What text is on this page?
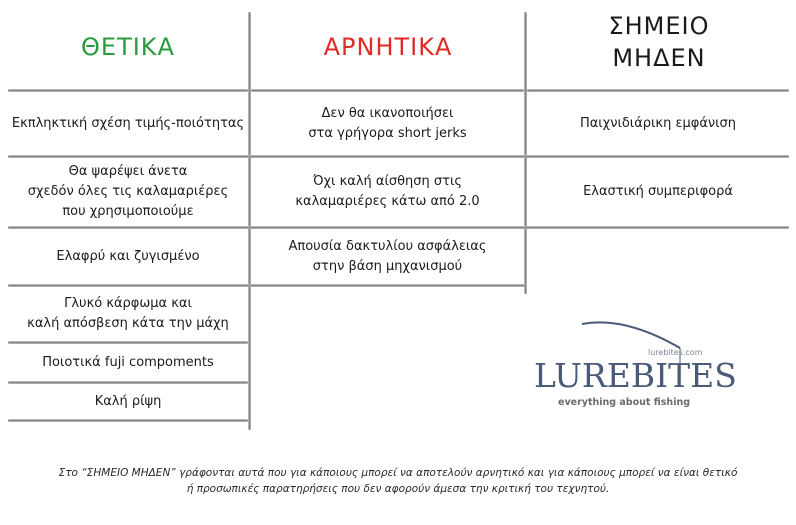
ΘΕΤΙΚΑ	ΑΡΝΗΤΙΚΑ
ΣΗΜΕΙΟ
ΜΗΔΕΝ
Εκπληκτική σχέση τιμής-ποιότητας
Θα ψαρέψει άνετα
σχεδόν όλες τις καλαμαριέρες
που χρησιμοποιούμε
Ελαφρύ και ζυγισμένο
Γλυκό κάρφωμα και
καλή απόσβεση κάτα την μάχη
Ποιοτικά fuji compoments
Καλή ρίψη
Δεν θα ικανοποιήσει
στα γρήγορα short jerks
Όχι καλή αίσθηση στις
καλαμαριέρες κάτω από 2.0
Απουσία δακτυλίου ασφάλειας
στην βάση μηχανισμού
Παιχνιδιάρικη εμφάνιση
Ελαστική συμπεριφορά
lurebites.com
LUREBITES
everything about fishing
Στο “ΣΗΜΕΙΟ ΜΗΔΕΝ” γράφονται αυτά που για κάποιους μπορεί να αποτελούν αρνητικό και για κάποιους μπορεί να είναι θετικό
ή προσωπικές παρατηρήσεις που δεν αφορούν άμεσα την κριτική του τεχνητού.
